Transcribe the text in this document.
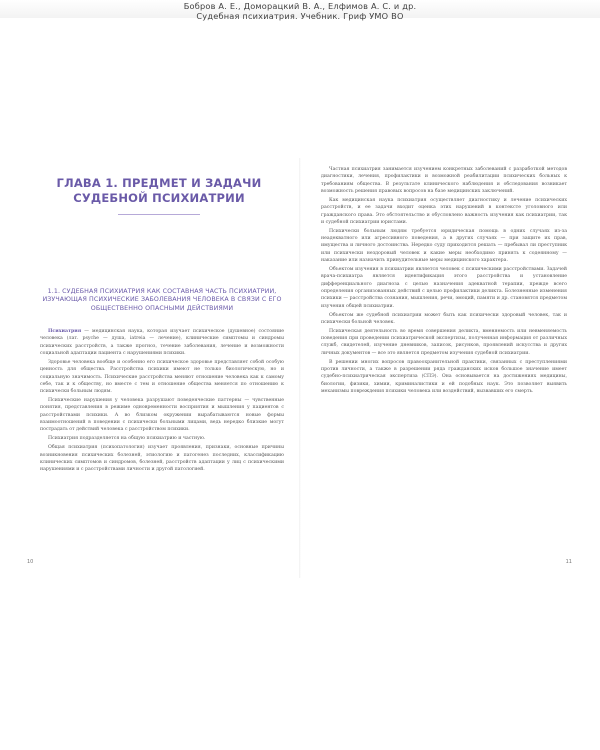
Бобров А. Е., Доморацкий В. А., Елфимов А. С. и др.
Судебная психиатрия. Учебник. Гриф УМО ВО
ГЛАВА 1. ПРЕДМЕТ И ЗАДАЧИ СУДЕБНОЙ ПСИХИАТРИИ
1.1. СУДЕБНАЯ ПСИХИАТРИЯ КАК СОСТАВНАЯ ЧАСТЬ ПСИХИАТРИИ, ИЗУЧАЮЩАЯ ПСИХИЧЕСКИЕ ЗАБОЛЕВАНИЯ ЧЕЛОВЕКА В СВЯЗИ С ЕГО ОБЩЕСТВЕННО ОПАСНЫМИ ДЕЙСТВИЯМИ

Психиатрия — медицинская наука, которая изучает психическое (душевное) состояние человека (лат. psyche — душа, iatreia — лечение), клинические симптомы и синдромы психических расстройств, а также прогноз, течение заболевания, лечение и возможности социальной адаптации пациента с нарушениями психики.

Здоровье человека вообще и особенно его психическое здоровье представляет собой особую ценность для общества. Расстройства психики имеют не только биологическую, но и социальную значимость. Психические расстройства меняют отношение человека как к самому себе, так и к обществу, но вместе с тем и отношение общества меняется по отношению к психически больным людям.

Психические нарушения у человека разрушают поведенческие паттерны — чувственные понятия, представления в режиме одновременности восприятия и мышления у пациентов с расстройствами психики. А во близком окружении вырабатываются новые формы взаимоотношений в поведении с психически больными лицами, ведь нередко близкие могут пострадать от действий человека с расстройством психики.

Психиатрия подразделяется на общую психиатрию и частную.

Общая психиатрия (психопатология) изучает проявления, признаки, основные причины возникновения психических болезней, этиологию и патогенез последних, классификацию клинических симптомов и синдромов, болезней, расстройств адаптации у лиц с психическими нарушениями и с расстройствами личности и другой патологией.

10

Частная психиатрия занимается изучением конкретных заболеваний с разработкой методов диагностики, лечения, профилактики и возможной реабилитации психических больных к требованиям общества. В результате клинического наблюдения и обследования возникает возможность решения правовых вопросов на базе медицинских заключений.

Как медицинская наука психиатрия осуществляет диагностику и лечение психических расстройств, и ее задачи входит оценка этих нарушений в контексте уголовного или гражданского права. Это обстоятельство и обусловлено важность изучения как психиатрии, так и судебной психиатрии юристами.

Психически больным людям требуется юридическая помощь в одних случаях из-за неадекватного или агрессивного поведения, а в других случаях — при защите их прав, имущества и личного достоинства. Нередко суду приходится решать — пребывал ли преступник или психически нездоровый человек и какие меры необходимо принять к содеянному — наказание или назначить принудительные меры медицинского характера.

Объектом изучения в психиатрии является человек с психическими расстройствами. Задачей врача-психиатра является идентификация этого расстройства и установление дифференциального диагноза с целью назначения адекватной терапии, прежде всего определения организованных действий с целью профилактики деликта. Болезненные изменения психики — расстройства сознания, мышления, речи, эмоций, памяти и др. становятся предметом изучения общей психиатрии.

Объектом же судебной психиатрии может быть как психически здоровый человек, так и психически больной человек.

Психическая деятельность во время совершения деликта, вменяемость или невменяемость поведения при проведении психиатрической экспертизы, полученная информация от различных служб, свидетелей, изучение дневников, записок, рисунков, проявлений искусства и других личных документов — все это является предметом изучения судебной психиатрии.

В решении многих вопросов правоохранительной практики, связанных с преступлениями против личности, а также в разрешении ряда гражданских исков большое значение имеет судебно-психиатрическая экспертиза (СПЭ). Она основывается на достижениях медицины, биологии, физики, химии, криминалистики и ей подобных наук. Это позволяет выявить механизмы повреждения психики человека или воздействий, вызвавших его смерть.

11
